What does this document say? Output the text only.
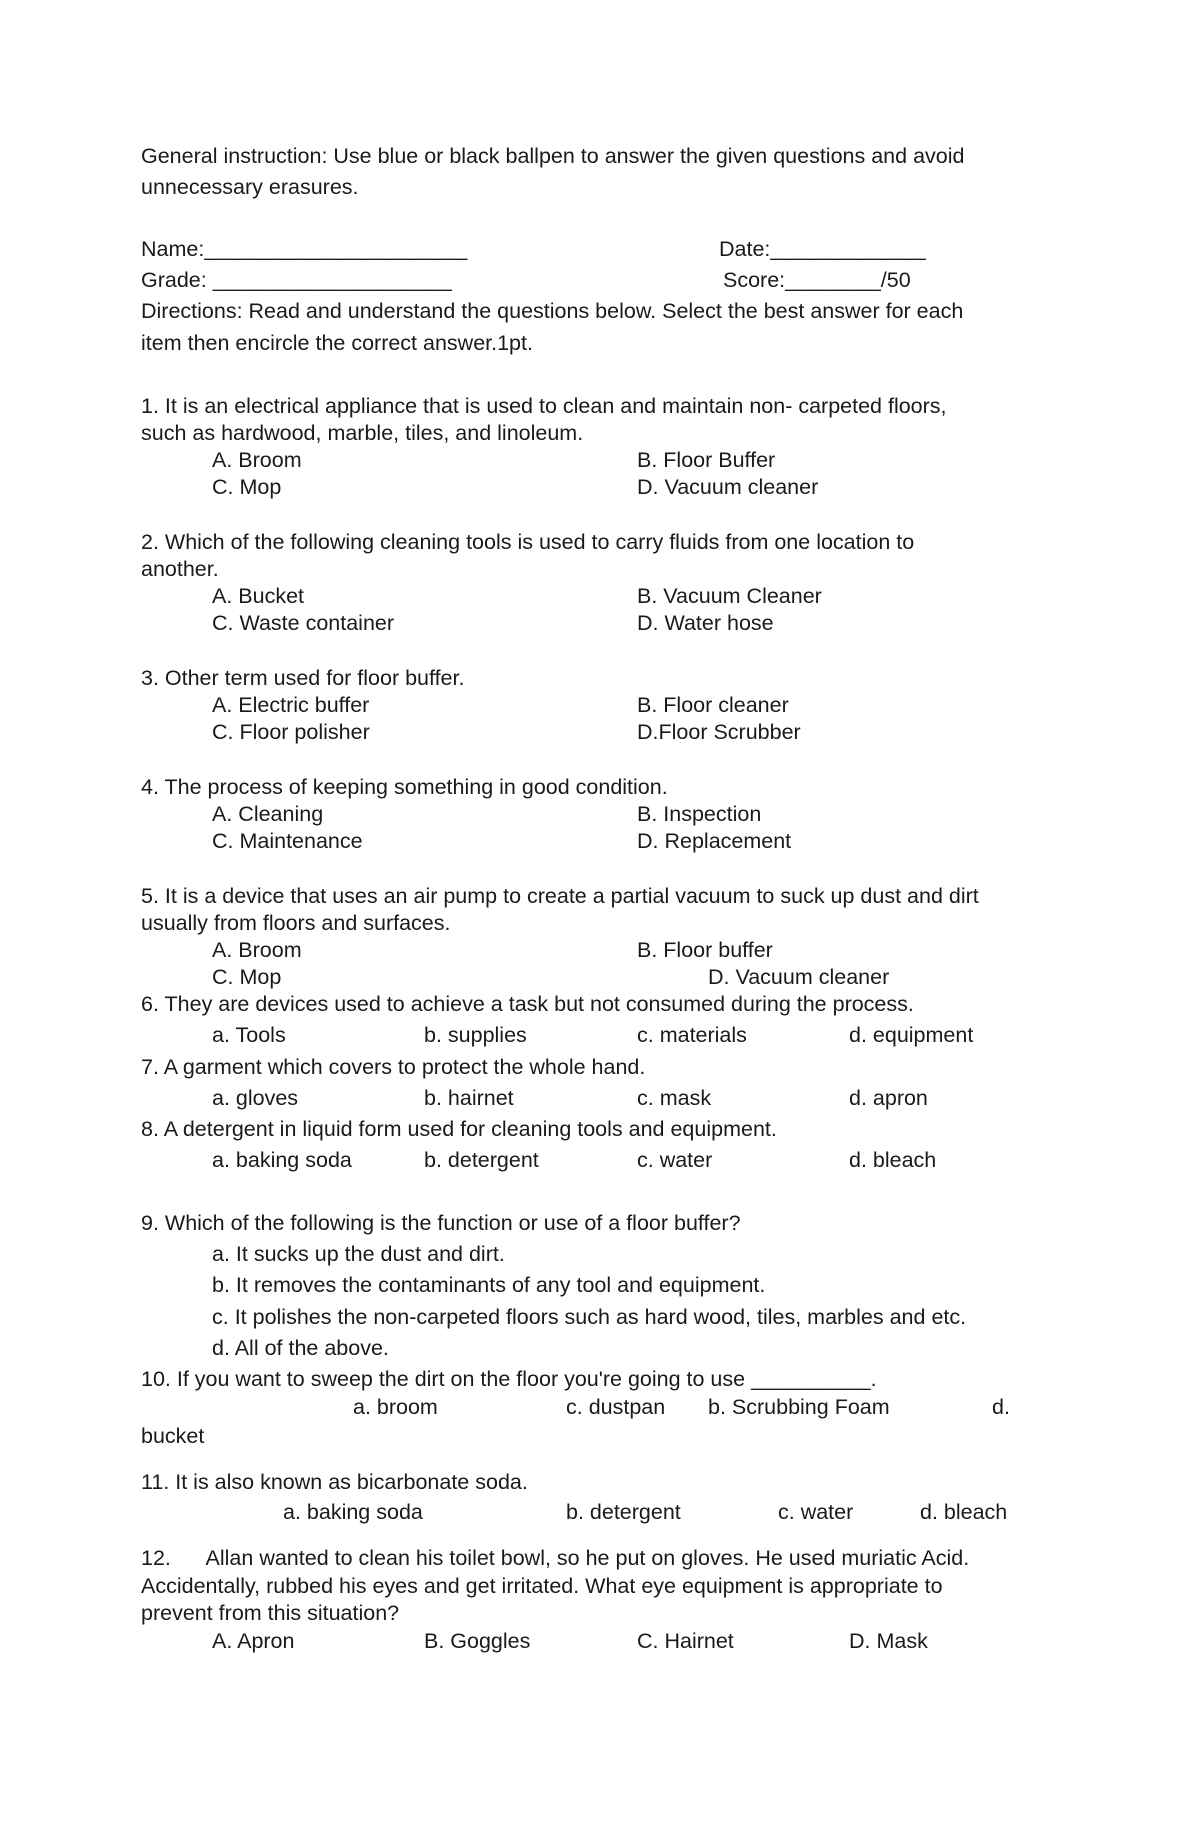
General instruction: Use blue or black ballpen to answer the given questions and avoid
unnecessary erasures.
Name:______________________	Date:_____________
Grade: ____________________	Score:________/50
Directions: Read and understand the questions below. Select the best answer for each
item then encircle the correct answer.1pt.
1. It is an electrical appliance that is used to clean and maintain non- carpeted floors,
such as hardwood, marble, tiles, and linoleum.
A. Broom	B. Floor Buffer
C. Mop	D. Vacuum cleaner
2. Which of the following cleaning tools is used to carry fluids from one location to
another.
A. Bucket	B. Vacuum Cleaner
C. Waste container	D. Water hose
3. Other term used for floor buffer.
A. Electric buffer	B. Floor cleaner
C. Floor polisher	D.Floor Scrubber
4. The process of keeping something in good condition.
A. Cleaning	B. Inspection
C. Maintenance	D. Replacement
5. It is a device that uses an air pump to create a partial vacuum to suck up dust and dirt
usually from floors and surfaces.
A. Broom	B. Floor buffer
C. Mop	D. Vacuum cleaner
6. They are devices used to achieve a task but not consumed during the process.
a. Tools	b. supplies	c. materials	d. equipment
7. A garment which covers to protect the whole hand.
a. gloves	b. hairnet	c. mask	d. apron
8. A detergent in liquid form used for cleaning tools and equipment.
a. baking soda	b. detergent	c. water	d. bleach
9. Which of the following is the function or use of a floor buffer?
a. It sucks up the dust and dirt.
b. It removes the contaminants of any tool and equipment.
c. It polishes the non-carpeted floors such as hard wood, tiles, marbles and etc.
d. All of the above.
10. If you want to sweep the dirt on the floor you're going to use __________.
a. broom	c. dustpan b. Scrubbing Foam	d.
bucket
11. It is also known as bicarbonate soda.
a. baking soda	b. detergent	c. water	d. bleach
12.      Allan wanted to clean his toilet bowl, so he put on gloves. He used muriatic Acid.
Accidentally, rubbed his eyes and get irritated. What eye equipment is appropriate to
prevent from this situation?
A. Apron	B. Goggles	C. Hairnet	D. Mask
